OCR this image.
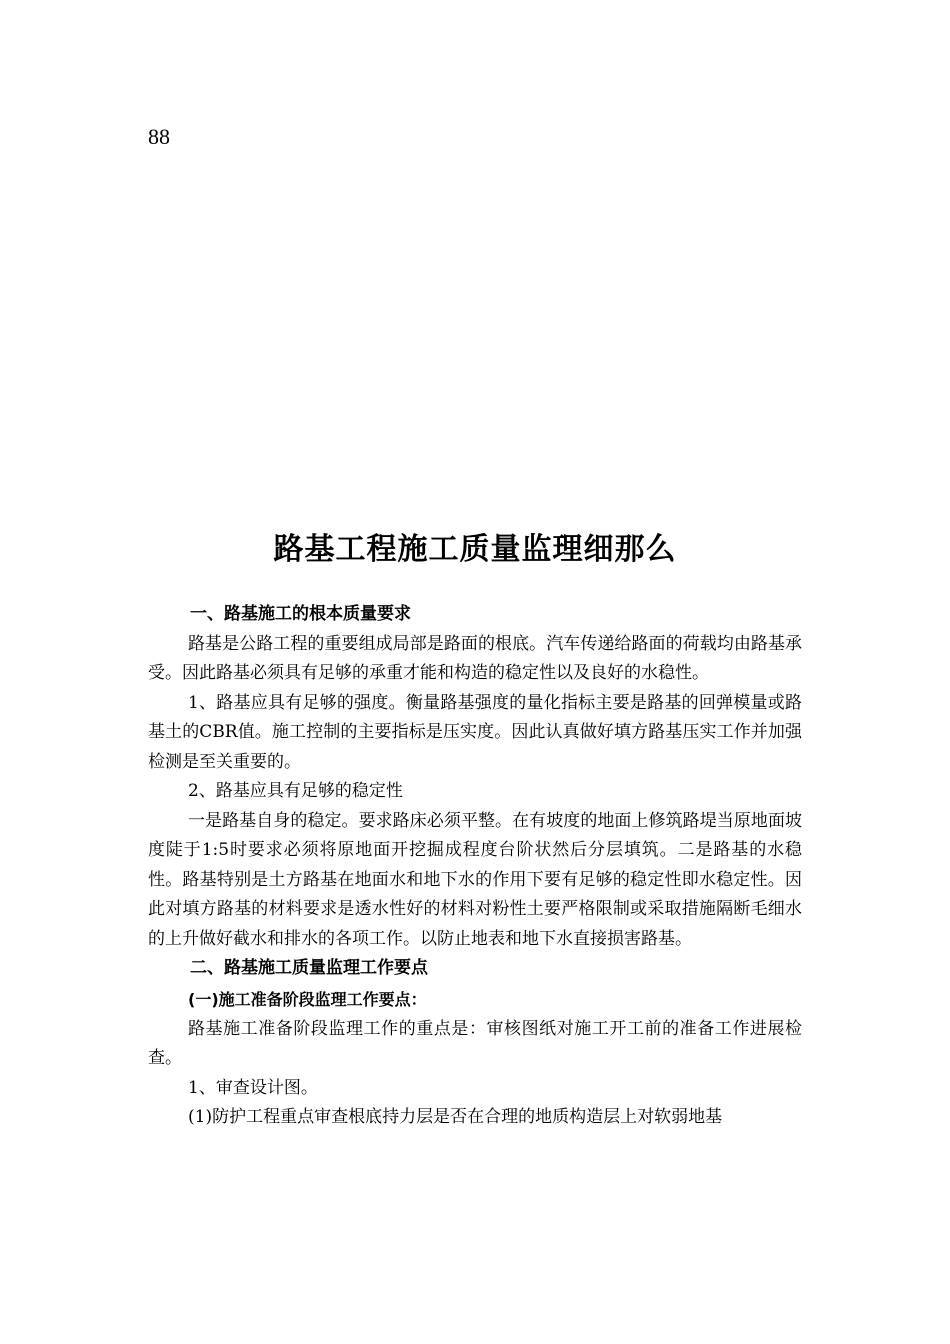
88
路基工程施工质量监理细那么
一、路基施工的根本质量要求

路基是公路工程的重要组成局部是路面的根底。汽车传递给路面的荷载均由路基承受。因此路基必须具有足够的承重才能和构造的稳定性以及良好的水稳性。

1、路基应具有足够的强度。衡量路基强度的量化指标主要是路基的回弹模量或路基土的CBR值。施工控制的主要指标是压实度。因此认真做好填方路基压实工作并加强检测是至关重要的。

2、路基应具有足够的稳定性

一是路基自身的稳定。要求路床必须平整。在有坡度的地面上修筑路堤当原地面坡度陡于1:5时要求必须将原地面开挖掘成程度台阶状然后分层填筑。二是路基的水稳性。路基特别是土方路基在地面水和地下水的作用下要有足够的稳定性即水稳定性。因此对填方路基的材料要求是透水性好的材料对粉性土要严格限制或采取措施隔断毛细水的上升做好截水和排水的各项工作。以防止地表和地下水直接损害路基。

二、路基施工质量监理工作要点
(一)施工准备阶段监理工作要点：

路基施工准备阶段监理工作的重点是：审核图纸对施工开工前的准备工作进展检查。

1、审查设计图。

(1)防护工程重点审查根底持力层是否在合理的地质构造层上对软弱地基
